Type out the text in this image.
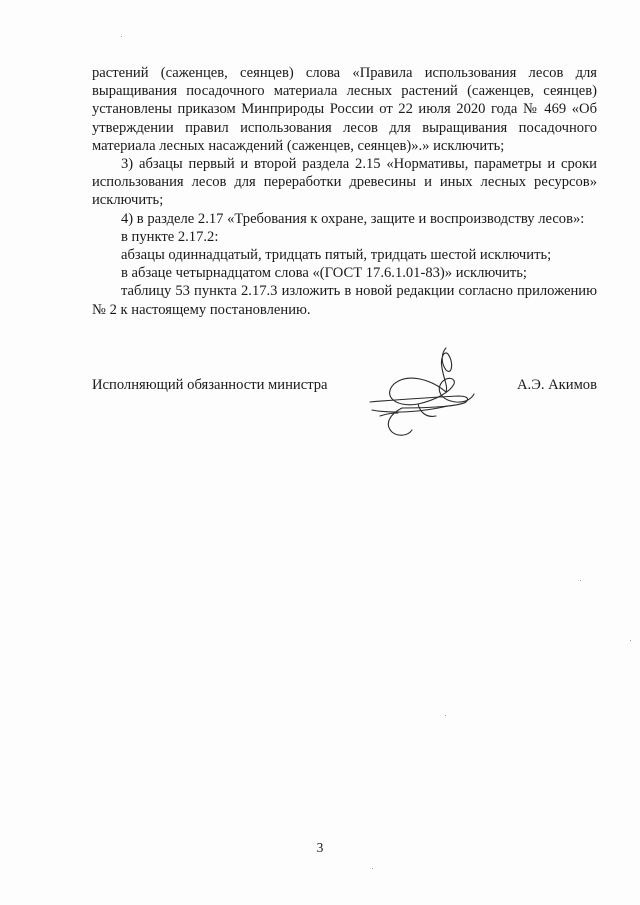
растений (саженцев, сеянцев) слова «Правила использования лесов для выращивания посадочного материала лесных растений (саженцев, сеянцев) установлены приказом Минприроды России от 22 июля 2020 года № 469 «Об утверждении правил использования лесов для выращивания посадочного материала лесных насаждений (саженцев, сеянцев)».» исключить;

3) абзацы первый и второй раздела 2.15 «Нормативы, параметры и сроки использования лесов для переработки древесины и иных лесных ресурсов» исключить;

4) в разделе 2.17 «Требования к охране, защите и воспроизводству лесов»:

в пункте 2.17.2:

абзацы одиннадцатый, тридцать пятый, тридцать шестой исключить;

в абзаце четырнадцатом слова «(ГОСТ 17.6.1.01-83)» исключить;

таблицу 53 пункта 2.17.3 изложить в новой редакции согласно приложению № 2 к настоящему постановлению.

Исполняющий обязанности министра	А.Э. Акимов
3
